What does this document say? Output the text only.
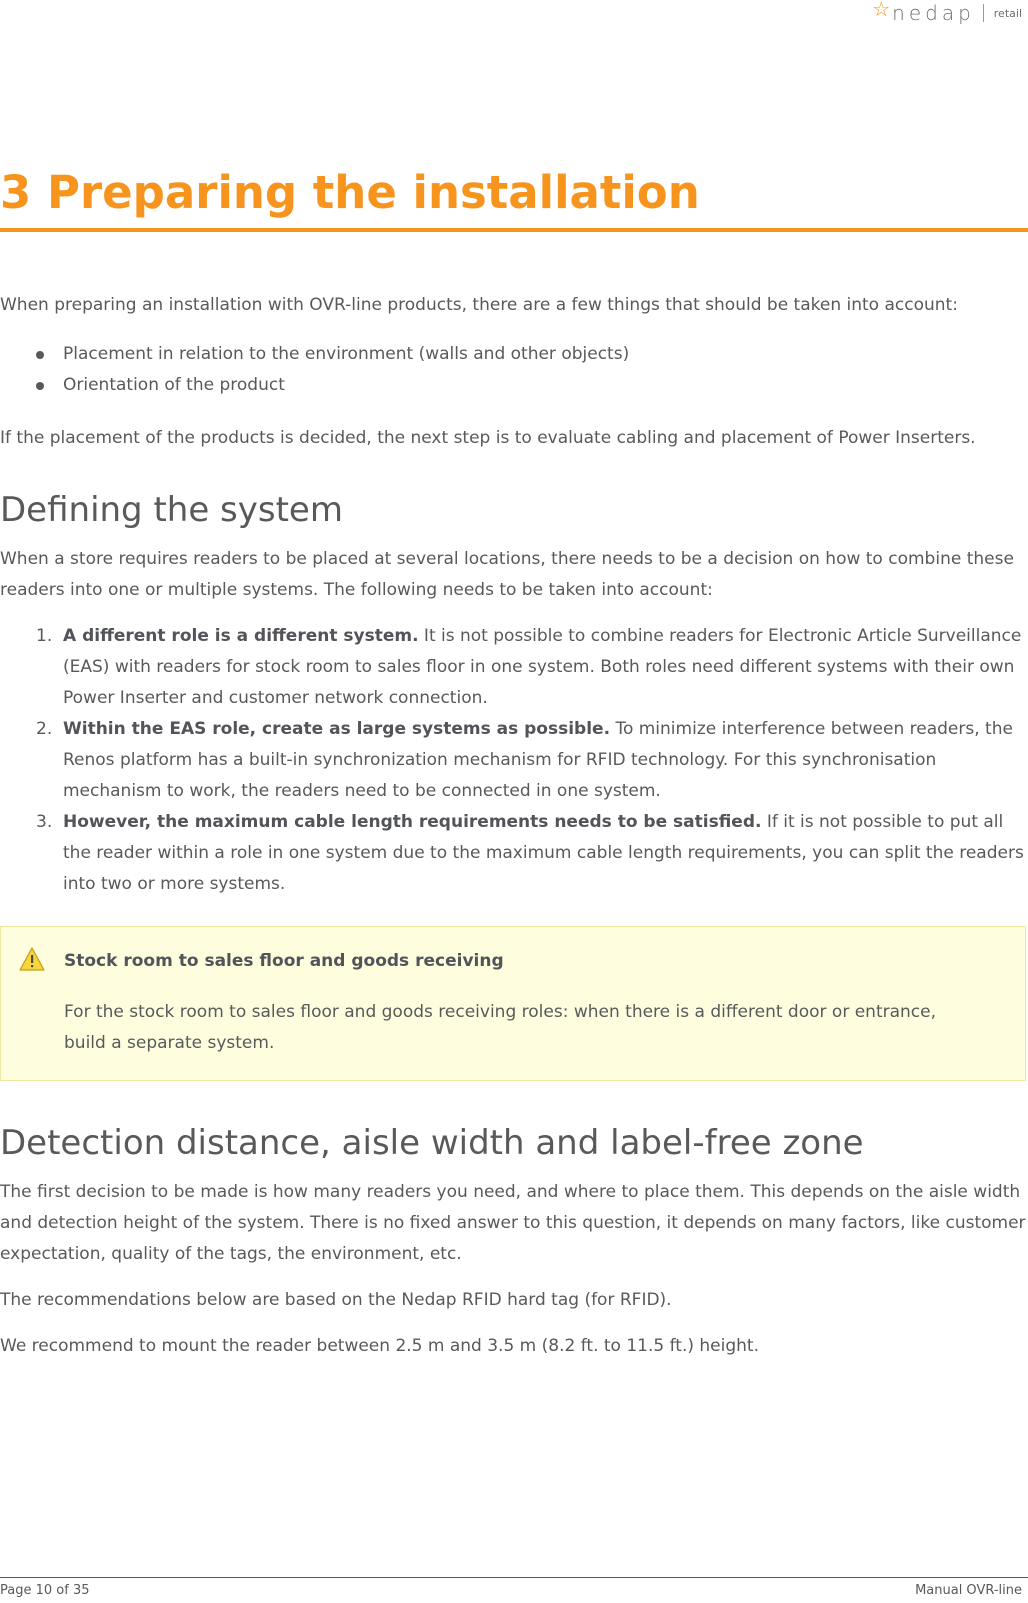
☆ nedap retail
3 Preparing the installation

When preparing an installation with OVR-line products, there are a few things that should be taken into account:

Placement in relation to the environment (walls and other objects)
Orientation of the product

If the placement of the products is decided, the next step is to evaluate cabling and placement of Power Inserters.

Defining the system

When a store requires readers to be placed at several locations, there needs to be a decision on how to combine these readers into one or multiple systems. The following needs to be taken into account:

1. A different role is a different system. It is not possible to combine readers for Electronic Article Surveillance (EAS) with readers for stock room to sales floor in one system. Both roles need different systems with their own Power Inserter and customer network connection.
2. Within the EAS role, create as large systems as possible. To minimize interference between readers, the Renos platform has a built-in synchronization mechanism for RFID technology. For this synchronisation mechanism to work, the readers need to be connected in one system.
3. However, the maximum cable length requirements needs to be satisfied. If it is not possible to put all the reader within a role in one system due to the maximum cable length requirements, you can split the readers into two or more systems.
Stock room to sales floor and goods receiving
For the stock room to sales floor and goods receiving roles: when there is a different door or entrance, build a separate system.
Detection distance, aisle width and label-free zone

The first decision to be made is how many readers you need, and where to place them. This depends on the aisle width and detection height of the system. There is no fixed answer to this question, it depends on many factors, like customer expectation, quality of the tags, the environment, etc.

The recommendations below are based on the Nedap RFID hard tag (for RFID).

We recommend to mount the reader between 2.5 m and 3.5 m (8.2 ft. to 11.5 ft.) height.

Page 10 of 35	Manual OVR-line
